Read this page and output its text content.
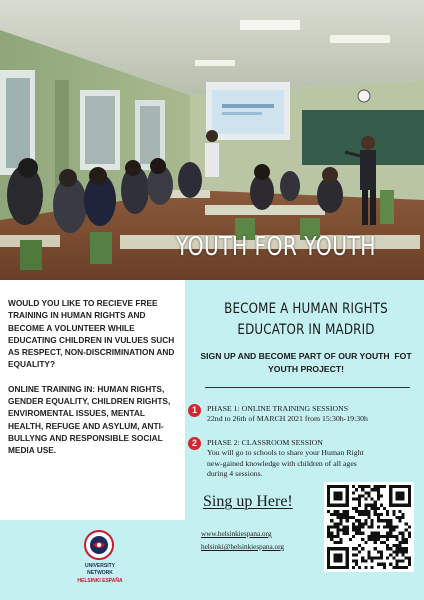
YOUTH FOR YOUTH

WOULD YOU LIKE TO RECIEVE FREE TRAINING IN HUMAN RIGHTS AND BECOME A VOLUNTEER WHILE EDUCATING CHILDREN IN VULUES SUCH AS RESPECT, NON-DISCRIMINATION AND EQUALITY?

ONLINE TRAINING IN: HUMAN RIGHTS, GENDER EQUALITY, CHILDREN RIGHTS, ENVIROMENTAL ISSUES, MENTAL HEALTH, REFUGE AND ASYLUM, ANTI-BULLYNG AND RESPONSIBLE SOCIAL MEDIA USE.

UNIVERSITY
NETWORK
HELSINKI ESPAÑA
BECOME A HUMAN RIGHTS
EDUCATOR IN MADRID
SIGN UP AND BECOME PART OF OUR YOUTH  FOT
YOUTH PROJECT!
1	PHASE 1: ONLINE TRAINING SESSIONS
22nd to 26th of MARCH 2021 from 15:30h-19:30h
2	PHASE 2: CLASSROOM SESSION
You will go to schools to share your Human Right
new-gained knowledge with children of all ages
during 4 sessions.
Sing up Here!
www.helsinkiespana.org
helsinki@helsinkiespana.org
